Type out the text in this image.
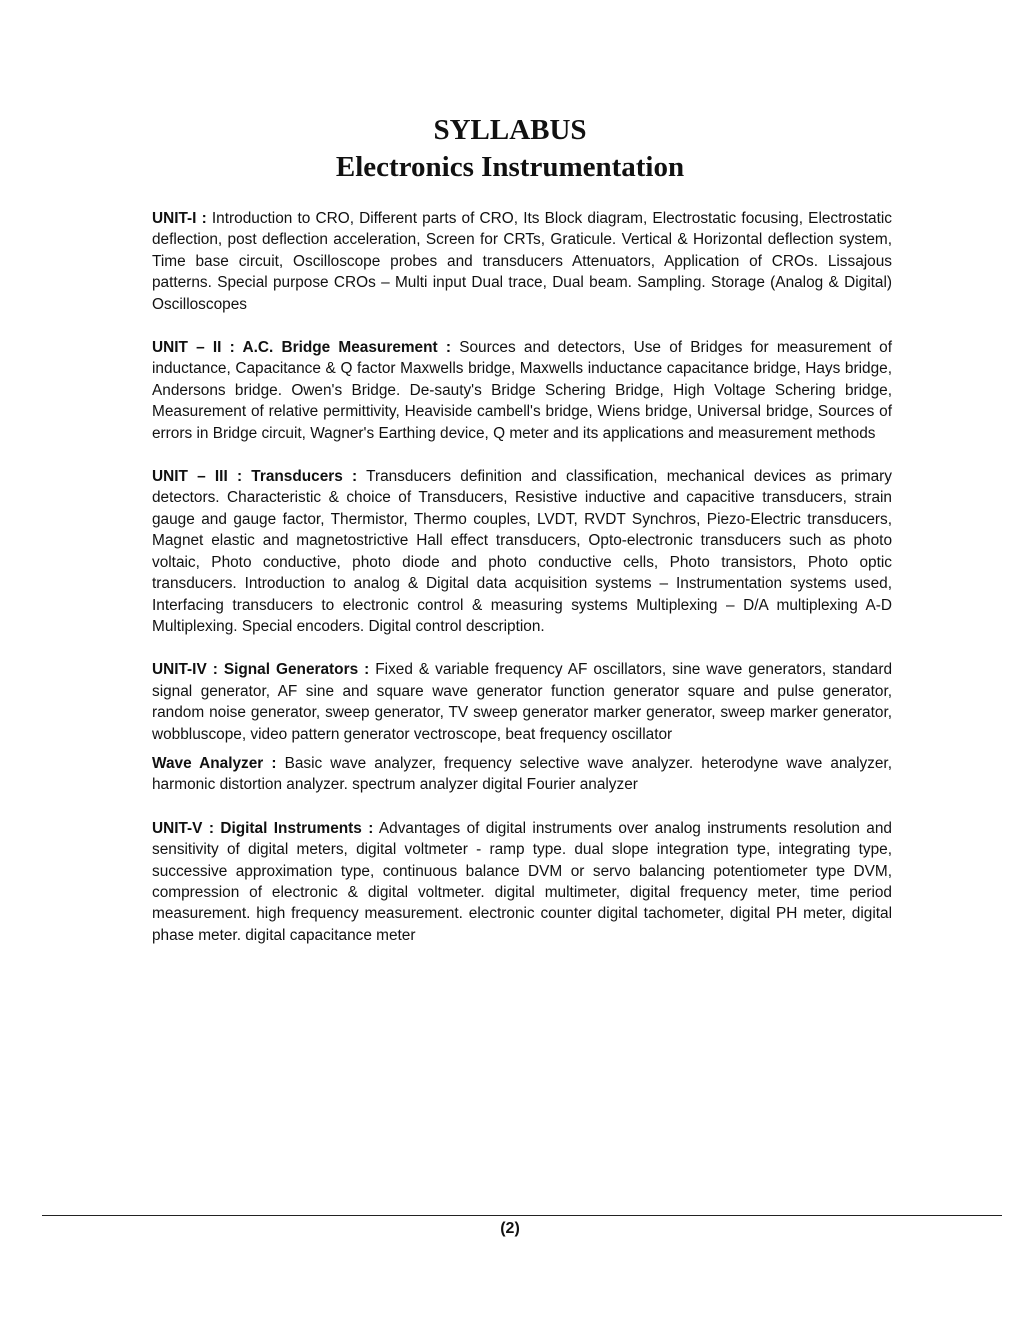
SYLLABUS
Electronics Instrumentation

UNIT-I : Introduction to CRO, Different parts of CRO, Its Block diagram, Electrostatic focusing, Electrostatic deflection, post deflection acceleration, Screen for CRTs, Graticule. Vertical & Horizontal deflection system, Time base circuit, Oscilloscope probes and transducers Attenuators, Application of CROs. Lissajous patterns. Special purpose CROs – Multi input Dual trace, Dual beam. Sampling. Storage (Analog & Digital) Oscilloscopes

UNIT – II : A.C. Bridge Measurement : Sources and detectors, Use of Bridges for measurement of inductance, Capacitance & Q factor Maxwells bridge, Maxwells inductance capacitance bridge, Hays bridge, Andersons bridge. Owen's Bridge. De-sauty's Bridge Schering Bridge, High Voltage Schering bridge, Measurement of relative permittivity, Heaviside cambell's bridge, Wiens bridge, Universal bridge, Sources of errors in Bridge circuit, Wagner's Earthing device, Q meter and its applications and measurement methods

UNIT – III : Transducers : Transducers definition and classification, mechanical devices as primary detectors. Characteristic & choice of Transducers, Resistive inductive and capacitive transducers, strain gauge and gauge factor, Thermistor, Thermo couples, LVDT, RVDT Synchros, Piezo-Electric transducers, Magnet elastic and magnetostrictive Hall effect transducers, Opto-electronic transducers such as photo voltaic, Photo conductive, photo diode and photo conductive cells, Photo transistors, Photo optic transducers. Introduction to analog & Digital data acquisition systems – Instrumentation systems used, Interfacing transducers to electronic control & measuring systems Multiplexing – D/A multiplexing A-D Multiplexing. Special encoders. Digital control description.

UNIT-IV : Signal Generators : Fixed & variable frequency AF oscillators, sine wave generators, standard signal generator, AF sine and square wave generator function generator square and pulse generator, random noise generator, sweep generator, TV sweep generator marker generator, sweep marker generator, wobbluscope, video pattern generator vectroscope, beat frequency oscillator

Wave Analyzer : Basic wave analyzer, frequency selective wave analyzer. heterodyne wave analyzer, harmonic distortion analyzer. spectrum analyzer digital Fourier analyzer

UNIT-V : Digital Instruments : Advantages of digital instruments over analog instruments resolution and sensitivity of digital meters, digital voltmeter - ramp type. dual slope integration type, integrating type, successive approximation type, continuous balance DVM or servo balancing potentiometer type DVM, compression of electronic & digital voltmeter. digital multimeter, digital frequency meter, time period measurement. high frequency measurement. electronic counter digital tachometer, digital PH meter, digital phase meter. digital capacitance meter

(2)
